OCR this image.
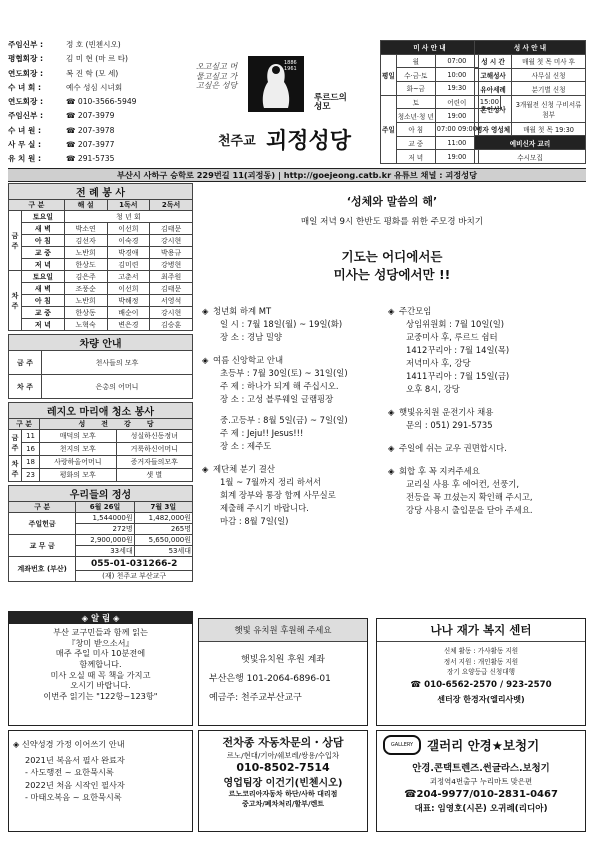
주임신부 :	정 호 (빈첸시오)
평협회장 :	김 미 현 (마 르 타)
연도회장 :	복 진 학 (모 세)
수 녀 회 :	예수 성심 시녀회
연도회장 :	☎ 010-3566-5949
주임신부 :	☎ 207-3979
수 녀 원 :	☎ 207-3978
사 무 실 :	☎ 207-3977
유 치 원 :	☎ 291-5735
오고싶고 머물고싶고 가고싶은 성당
1886 1961
루르드의 성모
천주교 괴정성당
미 사 안 내			
평일	월	07:00	
	수·금·토	10:00	
	화~금	19:30	
주일	토	어린이	15:00
	청소년·청 년	19:00	
	아 침	07:00 09:00	
	교 중	11:00	
	저 녁	19:00	
성 사 안 내	
성 시 간	매월 첫 목 미사 후
고해성사	사무실 신청
유아세례	분기별 신청
혼인성사	3개월전 신청 구비서류 첨부
병자 영성체	매월 첫 목 19:30
예비신자 교리	
수시모집	
부산시 사하구 승학로 229번길 11(괴정동) | http://goejeong.catb.kr 유튜브 채널 : 괴정성당
전 례 봉 사				
구 분		해 설	1독서	2독서
금 주	토요일	청 년 회		
	새 벽	박소연	이선희	김태문
	아 침	김선자	이숙경	강시현
	교 중	노반희	박경애	박용규
	저 녁	한상도	김미련	강병현
차 주	토요일	김은주	고춘서	최주원
	새 벽	조풍순	이선희	김태문
	아 침	노반희	박해정	서영석
	교 중	한상동	배순이	강시현
	저 녁	노혁숙	변은경	김승훈
차량 안내	
금 주	천사들의 모후
차 주	은총의 어머니
레지오 마리애 청소 봉사			
구 분		성 전 강 당	
금 주	11	매덕의 모후	성실하신동정녀
	16	천지의 모후	거룩하신어머니
차 주	18	사랑하올어머니	증거자들의모후
	23	평화의 모후	샛 별
우리들의 정성		
구 분	6월 26일	7월 3일
주일헌금	1,544000원	1,482,000원
	272명	265명
교 무 금	2,900,000원	5,650,000원
	33세대	53세대
계좌번호 (부산)	055-01-031266-2	
	(재) 천주교 부산교구	
‘성체와 말씀의 해’
매일 저녁 9시 한반도 평화를 위한 주모경 바치기
기도는 어디에서든
미사는 성당에서만 !!

◈ 청년회 하계 MT

일 시 : 7월 18일(월) ~ 19일(화)

장 소 : 경남 밀양

◈ 여름 신앙학교 안내

초등부 : 7월 30일(토) ~ 31일(일)

주 제 : 하나가 되게 해 주십시오.

장 소 : 고성 블루웨일 글램핑장

중.고등부 : 8월 5일(금) ~ 7일(일)

주 제 : Jeju!! Jesus!!!

장 소 : 제주도

◈ 제단체 분기 결산

1월 ~ 7월까지 정리 하셔서

회계 장부와 통장 함께 사무실로

제출해 주시기 바랍니다.

마감 : 8월 7일(일)

◈ 주간모임

상임위원회 : 7월 10일(일)

교중미사 후, 루르드 쉼터

1412꾸리아 : 7월 14일(목)

저녁미사 후, 강당

1411꾸리아 : 7월 15일(금)

오후 8시, 강당

◈ 햇빛유치원 운전기사 채용

문의 : 051) 291-5735

◈ 주일에 쉬는 교우 권면합시다.

◈ 회합 후 꼭 지켜주세요

교리실 사용 후 에어컨, 선풍기,

전등을 꼭 끄셨는지 확인해 주시고,

강당 사용시 출입문을 닫아 주세요.

◈ 알 림 ◈
부산 교구민들과 함께 읽는
『창미 받으소서』
매주 주일 미사 10분전에
함께합니다.
미사 오실 때 꼭 책을 가지고
오시기 바랍니다.
이번주 읽기는 "122항~123항"
◈ 신약성경 가정 이어쓰기 안내
2021년 복음서 필사 완료자
- 사도행전 ~ 요한묵시록
2022년 처음 시작인 필사자
- 마태오복음 ~ 요한묵시록
햇빛 유치원 후원해 주세요
햇빛유치원 후원 계좌
부산은행 101-2064-6896-01
예금주: 천주교부산교구
전차종 자동차문의・상담
르노/현대/기아/쉐보레/쌍용/수입차
010-8502-7514
영업팀장 이건기(빈첸시오)
르노코리아자동차 하단/사하 대리점
중고차/폐차처리/할부/렌트
나나 재가 복지 센터
신체 활동 : 가사활동 지원
정서 지원 : 개인활동 지원
장기 요양등급 신청대행
☎ 010-6562-2570 / 923-2570
센터장 한경자(엘리사벳)
GALLERY	갤러리 안경★보청기
안경.콘택트렌즈.썬글라스.보청기
괴정역4번출구 누리마트 맞은편
☎204-9977/010-2831-0467
대표: 임영호(시몬) 오귀례(리디아)
